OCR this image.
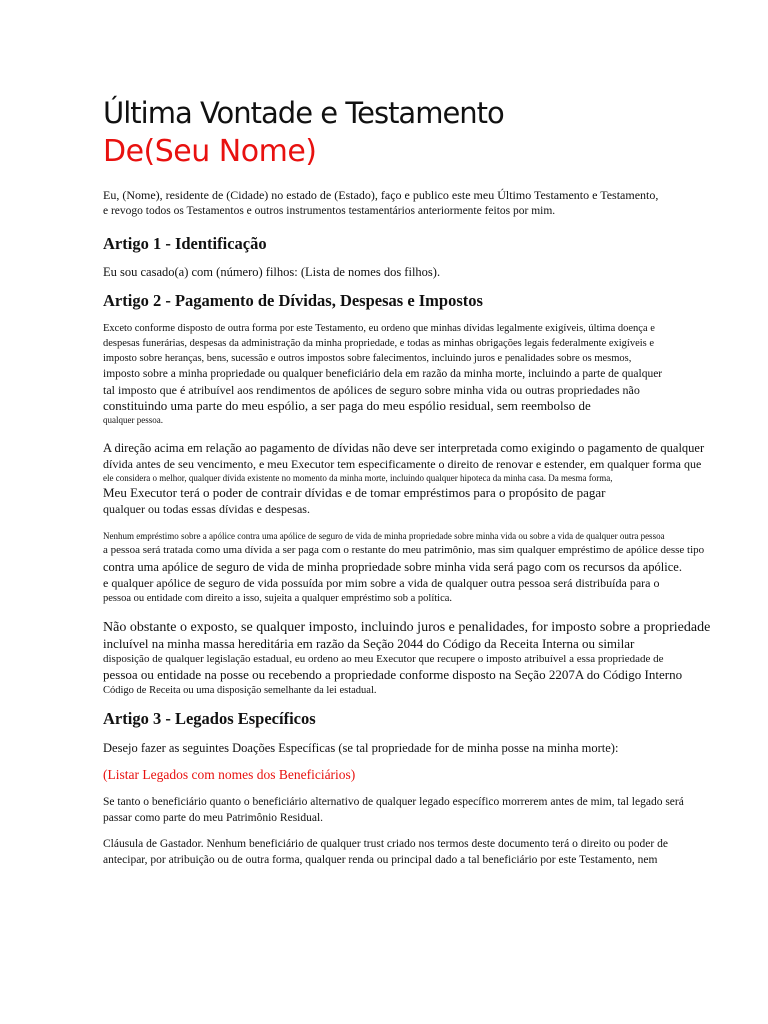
Última Vontade e Testamento
De(Seu Nome)
Eu, (Nome), residente de (Cidade) no estado de (Estado), faço e publico este meu Último Testamento e Testamento,
e revogo todos os Testamentos e outros instrumentos testamentários anteriormente feitos por mim.
Artigo 1 - Identificação

Eu sou casado(a) com (número) filhos: (Lista de nomes dos filhos).

Artigo 2 - Pagamento de Dívidas, Despesas e Impostos
Exceto conforme disposto de outra forma por este Testamento, eu ordeno que minhas dívidas legalmente exigíveis, última doença e
despesas funerárias, despesas da administração da minha propriedade, e todas as minhas obrigações legais federalmente exigíveis e
imposto sobre heranças, bens, sucessão e outros impostos sobre falecimentos, incluindo juros e penalidades sobre os mesmos,
imposto sobre a minha propriedade ou qualquer beneficiário dela em razão da minha morte, incluindo a parte de qualquer
tal imposto que é atribuível aos rendimentos de apólices de seguro sobre minha vida ou outras propriedades não
constituindo uma parte do meu espólio, a ser paga do meu espólio residual, sem reembolso de
qualquer pessoa.
A direção acima em relação ao pagamento de dívidas não deve ser interpretada como exigindo o pagamento de qualquer
dívida antes de seu vencimento, e meu Executor tem especificamente o direito de renovar e estender, em qualquer forma que
ele considera o melhor, qualquer dívida existente no momento da minha morte, incluindo qualquer hipoteca da minha casa. Da mesma forma,
Meu Executor terá o poder de contrair dívidas e de tomar empréstimos para o propósito de pagar
qualquer ou todas essas dívidas e despesas.
Nenhum empréstimo sobre a apólice contra uma apólice de seguro de vida de minha propriedade sobre minha vida ou sobre a vida de qualquer outra pessoa
a pessoa será tratada como uma dívida a ser paga com o restante do meu patrimônio, mas sim qualquer empréstimo de apólice desse tipo
contra uma apólice de seguro de vida de minha propriedade sobre minha vida será pago com os recursos da apólice.
e qualquer apólice de seguro de vida possuída por mim sobre a vida de qualquer outra pessoa será distribuída para o
pessoa ou entidade com direito a isso, sujeita a qualquer empréstimo sob a política.
Não obstante o exposto, se qualquer imposto, incluindo juros e penalidades, for imposto sobre a propriedade
incluível na minha massa hereditária em razão da Seção 2044 do Código da Receita Interna ou similar
disposição de qualquer legislação estadual, eu ordeno ao meu Executor que recupere o imposto atribuível a essa propriedade de
pessoa ou entidade na posse ou recebendo a propriedade conforme disposto na Seção 2207A do Código Interno
Código de Receita ou uma disposição semelhante da lei estadual.
Artigo 3 - Legados Específicos

Desejo fazer as seguintes Doações Específicas (se tal propriedade for de minha posse na minha morte):

(Listar Legados com nomes dos Beneficiários)

Se tanto o beneficiário quanto o beneficiário alternativo de qualquer legado específico morrerem antes de mim, tal legado será
passar como parte do meu Patrimônio Residual.
Cláusula de Gastador. Nenhum beneficiário de qualquer trust criado nos termos deste documento terá o direito ou poder de
antecipar, por atribuição ou de outra forma, qualquer renda ou principal dado a tal beneficiário por este Testamento, nem
